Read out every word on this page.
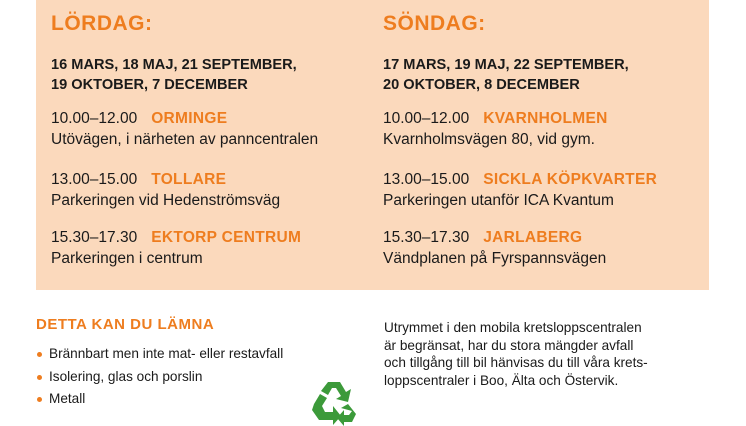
LÖRDAG:
16 MARS, 18 MAJ, 21 SEPTEMBER,
19 OKTOBER, 7 DECEMBER
10.00–12.00 ORMINGE
Utövägen, i närheten av panncentralen
13.00–15.00 TOLLARE
Parkeringen vid Hedenströmsväg
15.30–17.30 EKTORP CENTRUM
Parkeringen i centrum
SÖNDAG:
17 MARS, 19 MAJ, 22 SEPTEMBER,
20 OKTOBER, 8 DECEMBER
10.00–12.00 KVARNHOLMEN
Kvarnholmsvägen 80, vid gym.
13.00–15.00 SICKLA KÖPKVARTER
Parkeringen utanför ICA Kvantum
15.30–17.30 JARLABERG
Vändplanen på Fyrspannsvägen
DETTA KAN DU LÄMNA
Brännbart men inte mat- eller restavfall
Isolering, glas och porslin
Metall
Utrymmet i den mobila kretsloppscentralen
är begränsat, har du stora mängder avfall
och tillgång till bil hänvisas du till våra krets-
loppscentraler i Boo, Älta och Östervik.
